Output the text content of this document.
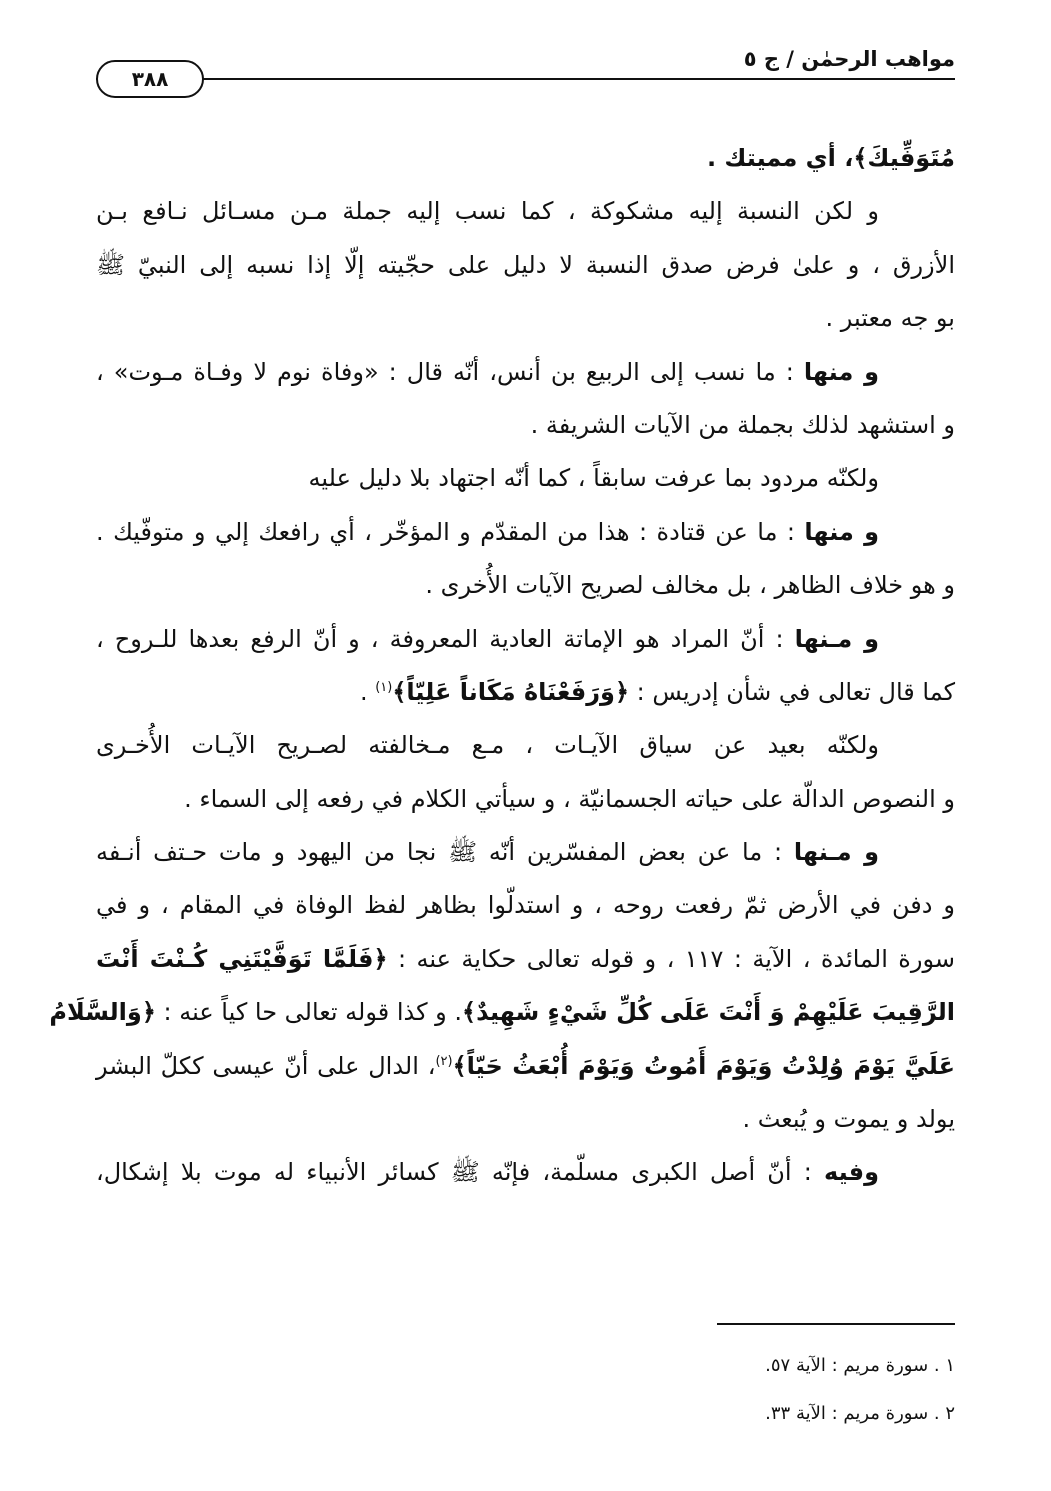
مواهب الرحمٰن / ج ٥
٣٨٨
مُتَوَفِّيكَ﴾، أي مميتك .
و لكن النسبة إليه مشكوكة ، كما نسب إليه جملة مـن مسـائل نـافع بـن
الأزرق ، و علىٰ فرض صدق النسبة لا دليل على حجّيته إلّا إذا نسبه إلى النبيّ ﷺ
بو جه معتبر .
و منها : ما نسب إلى الربيع بن أنس، أنّه قال : «وفاة نوم لا وفـاة مـوت» ،
و استشهد لذلك بجملة من الآيات الشريفة .
ولكنّه مردود بما عرفت سابقاً ، كما أنّه اجتهاد بلا دليل عليه
و منها : ما عن قتادة : هذا من المقدّم و المؤخّر ، أي رافعك إلي و متوفّيك .
و هو خلاف الظاهر ، بل مخالف لصريح الآيات الأُخرى .
و مـنها : أنّ المراد هو الإماتة العادية المعروفة ، و أنّ الرفع بعدها للـروح ،
كما قال تعالى في شأن إدريس : ﴿وَرَفَعْنَاهُ مَكَاناً عَلِيّاً﴾$^{(١)}$ .
ولكنّه بعيد عن سياق الآيـات ، مـع مـخالفته لصـريح الآيـات الأُخـرى
و النصوص الدالّة على حياته الجسمانيّة ، و سيأتي الكلام في رفعه إلى السماء .
و مـنها : ما عن بعض المفسّرين أنّه ﷺ نجا من اليهود و مات حـتف أنـفه
و دفن في الأرض ثمّ رفعت روحه ، و استدلّوا بظاهر لفظ الوفاة في المقام ، و في
سورة المائدة ، الآية : ١١٧ ، و قوله تعالى حكاية عنه : ﴿فَلَمَّا تَوَفَّيْتَنِي كُـنْتَ أَنْتَ
الرَّقِيبَ عَلَيْهِمْ وَ أَنْتَ عَلَى كُلِّ شَيْءٍ شَهِيدٌ﴾. و كذا قوله تعالى حا كياً عنه : ﴿وَالسَّلَامُ
عَلَيَّ يَوْمَ وُلِدْتُ وَيَوْمَ أَمُوتُ وَيَوْمَ أُبْعَثُ حَيّاً﴾$^{(٢)}$، الدال على أنّ عيسى ككلّ البشر
يولد و يموت و يُبعث .
وفيه : أنّ أصل الكبرى مسلّمة، فإنّه ﷺ كسائر الأنبياء له موت بلا إشكال،
١ . سورة مريم : الآية ٥٧.
٢ . سورة مريم : الآية ٣٣.
